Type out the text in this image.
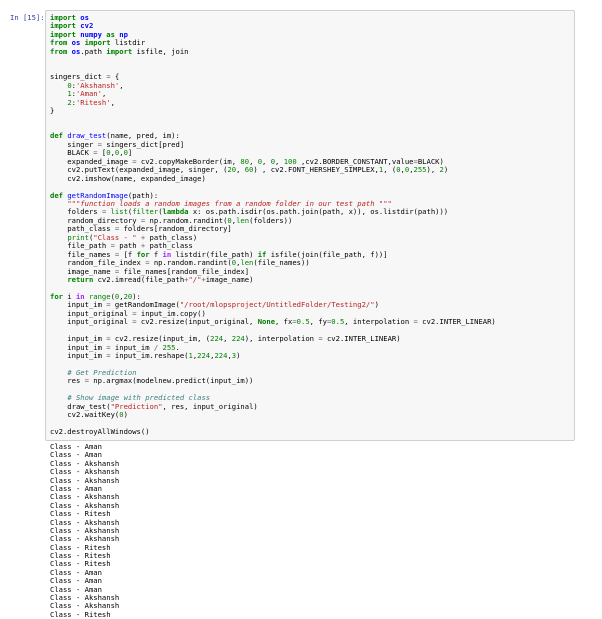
In [15]: import os
import cv2
import numpy as np
from os import listdir
from os.path import isfile, join

singers_dict = {
0:'Akshansh',
1:'Aman',
2:'Ritesh',
}

def draw_test(name, pred, im):
singer = singers_dict[pred]
BLACK = [0,0,0]
expanded_image = cv2.copyMakeBorder(im, 80, 0, 0, 100 ,cv2.BORDER_CONSTANT,value=BLACK)
cv2.putText(expanded_image, singer, (20, 60) , cv2.FONT_HERSHEY_SIMPLEX,1, (0,0,255), 2)
cv2.imshow(name, expanded_image)

def getRandomImage(path):
"""function loads a random images from a random folder in our test path """
folders = list(filter(lambda x: os.path.isdir(os.path.join(path, x)), os.listdir(path)))
random_directory = np.random.randint(0,len(folders))
path_class = folders[random_directory]
print("Class - " + path_class)
file_path = path + path_class
file_names = [f for f in listdir(file_path) if isfile(join(file_path, f))]
random_file_index = np.random.randint(0,len(file_names))
image_name = file_names[random_file_index]
return cv2.imread(file_path+"/"+image_name)

for i in range(0,20):
input_im = getRandomImage("/root/mlopsproject/UntitledFolder/Testing2/")
input_original = input_im.copy()
input_original = cv2.resize(input_original, None, fx=0.5, fy=0.5, interpolation = cv2.INTER_LINEAR)

input_im = cv2.resize(input_im, (224, 224), interpolation = cv2.INTER_LINEAR)
input_im = input_im / 255.
input_im = input_im.reshape(1,224,224,3)

# Get Prediction
res = np.argmax(modelnew.predict(input_im))

# Show image with predicted class
draw_test("Prediction", res, input_original)
cv2.waitKey(0)

cv2.destroyAllWindows()
Class - Aman
Class - Aman
Class - Akshansh
Class - Akshansh
Class - Akshansh
Class - Aman
Class - Akshansh
Class - Akshansh
Class - Ritesh
Class - Akshansh
Class - Akshansh
Class - Akshansh
Class - Ritesh
Class - Ritesh
Class - Ritesh
Class - Aman
Class - Aman
Class - Aman
Class - Akshansh
Class - Akshansh
Class - Ritesh
